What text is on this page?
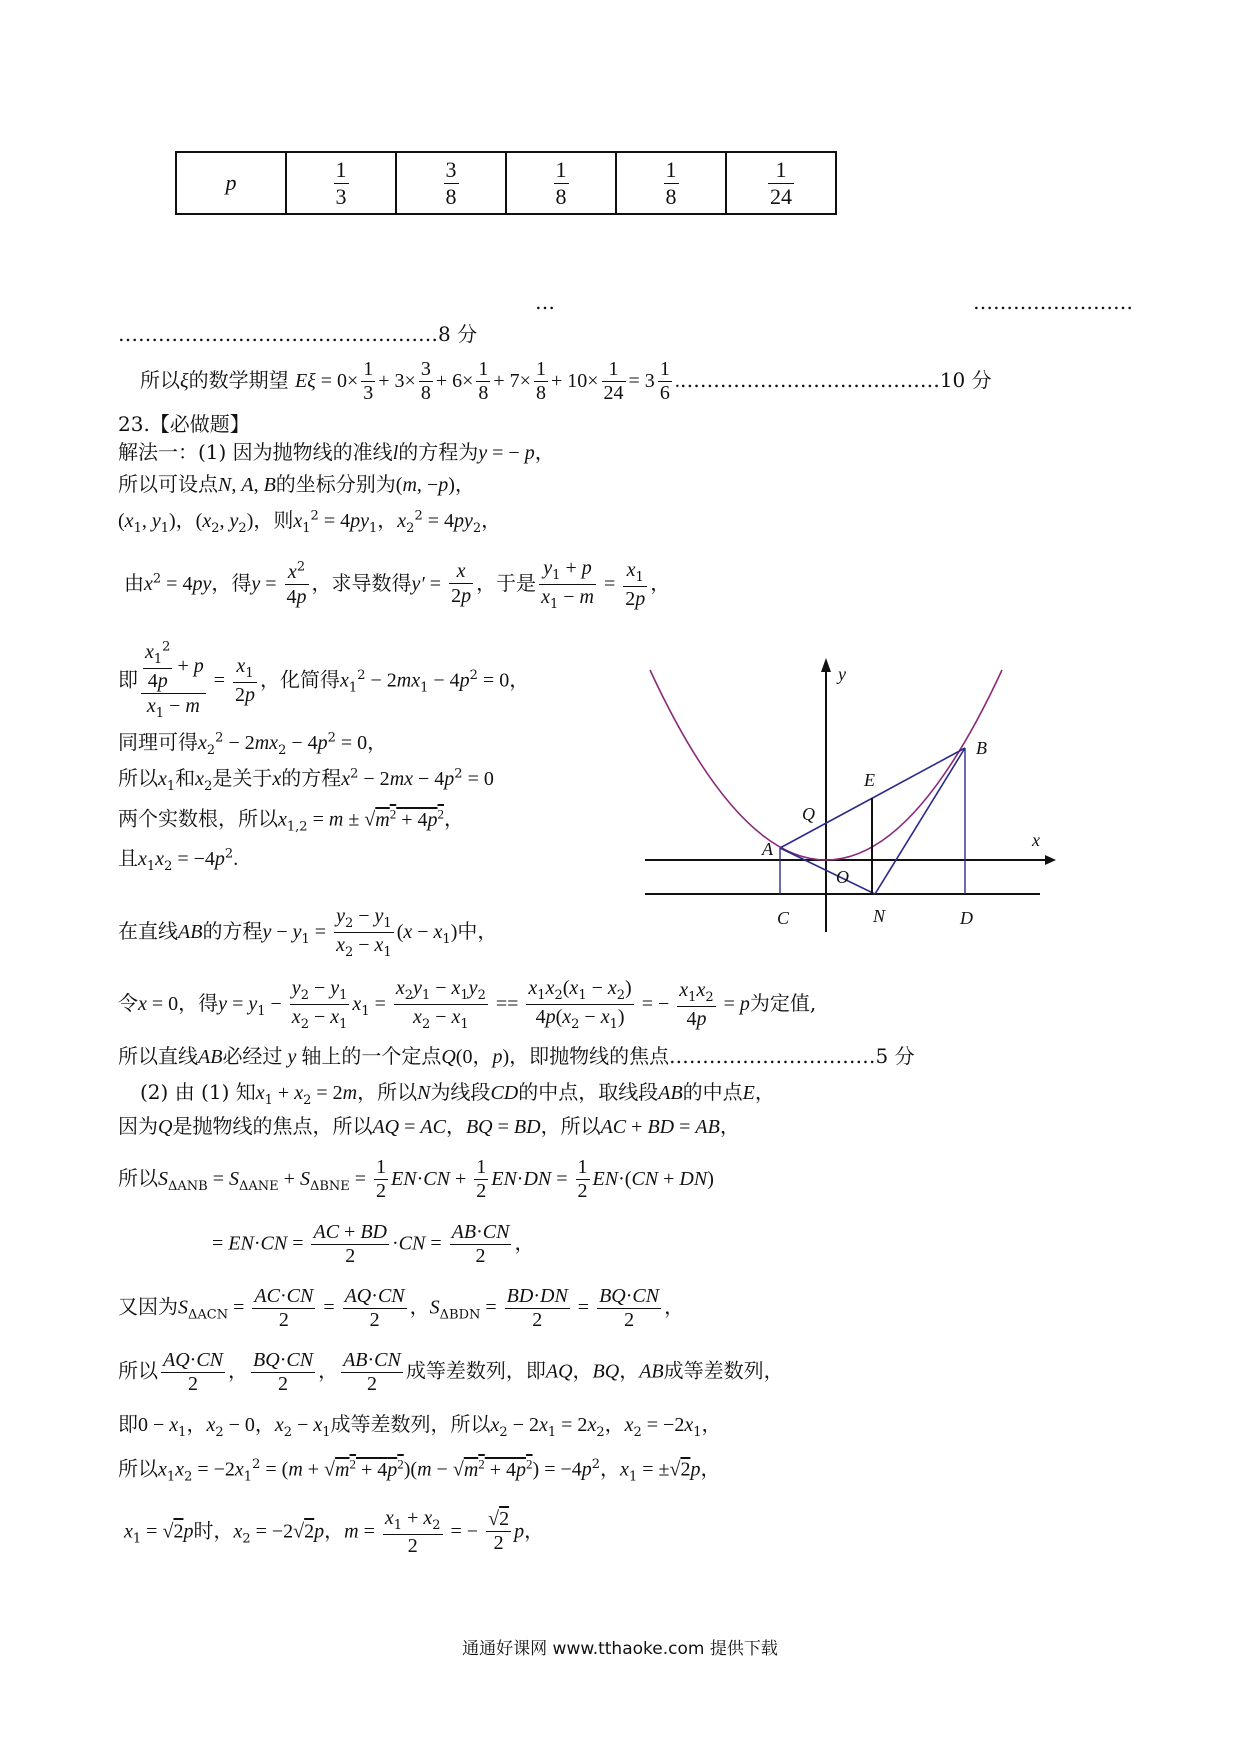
p	$\frac{1}{3}$	$\frac{3}{8}$	$\frac{1}{8}$	$\frac{1}{8}$	$\frac{1}{24}$
…	……………………
…………………………………………8 分
所以ξ的数学期望 $E\xi = 0\times \frac{1}{3} + 3\times \frac{3}{8} + 6\times \frac{1}{8} + 7\times \frac{1}{8} + 10\times \frac{1}{24} = 3 \frac{1}{6}$ .…………………………………10 分
23.【必做题】
解法一：(1) 因为抛物线的准线l的方程为y = − p，
所以可设点N, A, B的坐标分别为(m, −p)，
($x_1$, $y_1$)，($x_2$, $y_2$)，则$x_1^2 = 4py_1$，$x_2^2 = 4py_2$，
由$x^2 = 4py$，得$y = \frac{x^2}{4p}$ ，求导数得$y' = \frac{x}{2p}$ ，于是 $\frac{y_1 + p}{x_1 - m} = \frac{x_1}{2p}$ ，
即 $\frac{\frac{x_1^2}{4p} + p}{x_1 - m} = \frac{x_1}{2p}$ ，化简得$x_1^2 - 2mx_1 - 4p^2 = 0$，
同理可得$x_2^2 - 2mx_2 - 4p^2 = 0$，
所以$x_1$和$x_2$是关于x的方程$x^2 - 2mx - 4p^2 = 0$
两个实数根，所以$x_{1,2} = m \pm √m^2 + 4p^2$，
且$x_1x_2 = -4p^2$.
在直线AB的方程$y - y_1 = \frac{y_2 - y_1}{x_2 - x_1} (x - x_1)$中，
令x = 0，得$y = y_1 - \frac{y_2 - y_1}{x_2 - x_1} x_1 = \frac{x_2y_1 - x_1y_2}{x_2 - x_1} == \frac{x_1x_2(x_1 - x_2)}{4p(x_2 - x_1)}$ = − $\frac{x_1x_2}{4p} = p$为定值,
所以直线AB必经过 y 轴上的一个定点Q(0，p)，即抛物线的焦点.…………………………5 分
(2) 由 (1) 知$x_1 + x_2 = 2m$，所以N为线段CD的中点，取线段AB的中点E，
因为Q是抛物线的焦点，所以AQ = AC，BQ = BD，所以AC + BD = AB，
所以$S_{\Delta ANB} = S_{\Delta ANE} + S_{\Delta BNE} = \frac{1}{2} EN\cdot CN + \frac{1}{2} EN\cdot DN = \frac{1}{2} EN\cdot(CN + DN)$
= $EN\cdot CN = \frac{AC + BD}{2} \cdot CN = \frac{AB\cdot CN}{2}$ ，
又因为$S_{\Delta ACN} = \frac{AC\cdot CN}{2} = \frac{AQ\cdot CN}{2}$ ，$S_{\Delta BDN} = \frac{BD\cdot DN}{2} = \frac{BQ\cdot CN}{2}$ ，
所以 $\frac{AQ\cdot CN}{2}$ ， $\frac{BQ\cdot CN}{2}$ ， $\frac{AB\cdot CN}{2}$ 成等差数列，即AQ，BQ，AB成等差数列，
即$0 - x_1$，$x_2 - 0$，$x_2 - x_1$成等差数列，所以$x_2 - 2x_1 = 2x_2$，$x_2 = -2x_1$，
所以$x_1x_2 = -2x_1^2 = (m + √m^2 + 4p^2)(m - √m^2 + 4p^2) = -4p^2$，$x_1 = \pm√2p$，
$x_1 = √2p$时，$x_2 = -2√2p$，$m = \frac{x_1 + x_2}{2}$ = − $\frac{√2}{2}$ p，
y
x
A
B
C	D
E
N
O
Q
通通好课网 www.tthaoke.com 提供下载
